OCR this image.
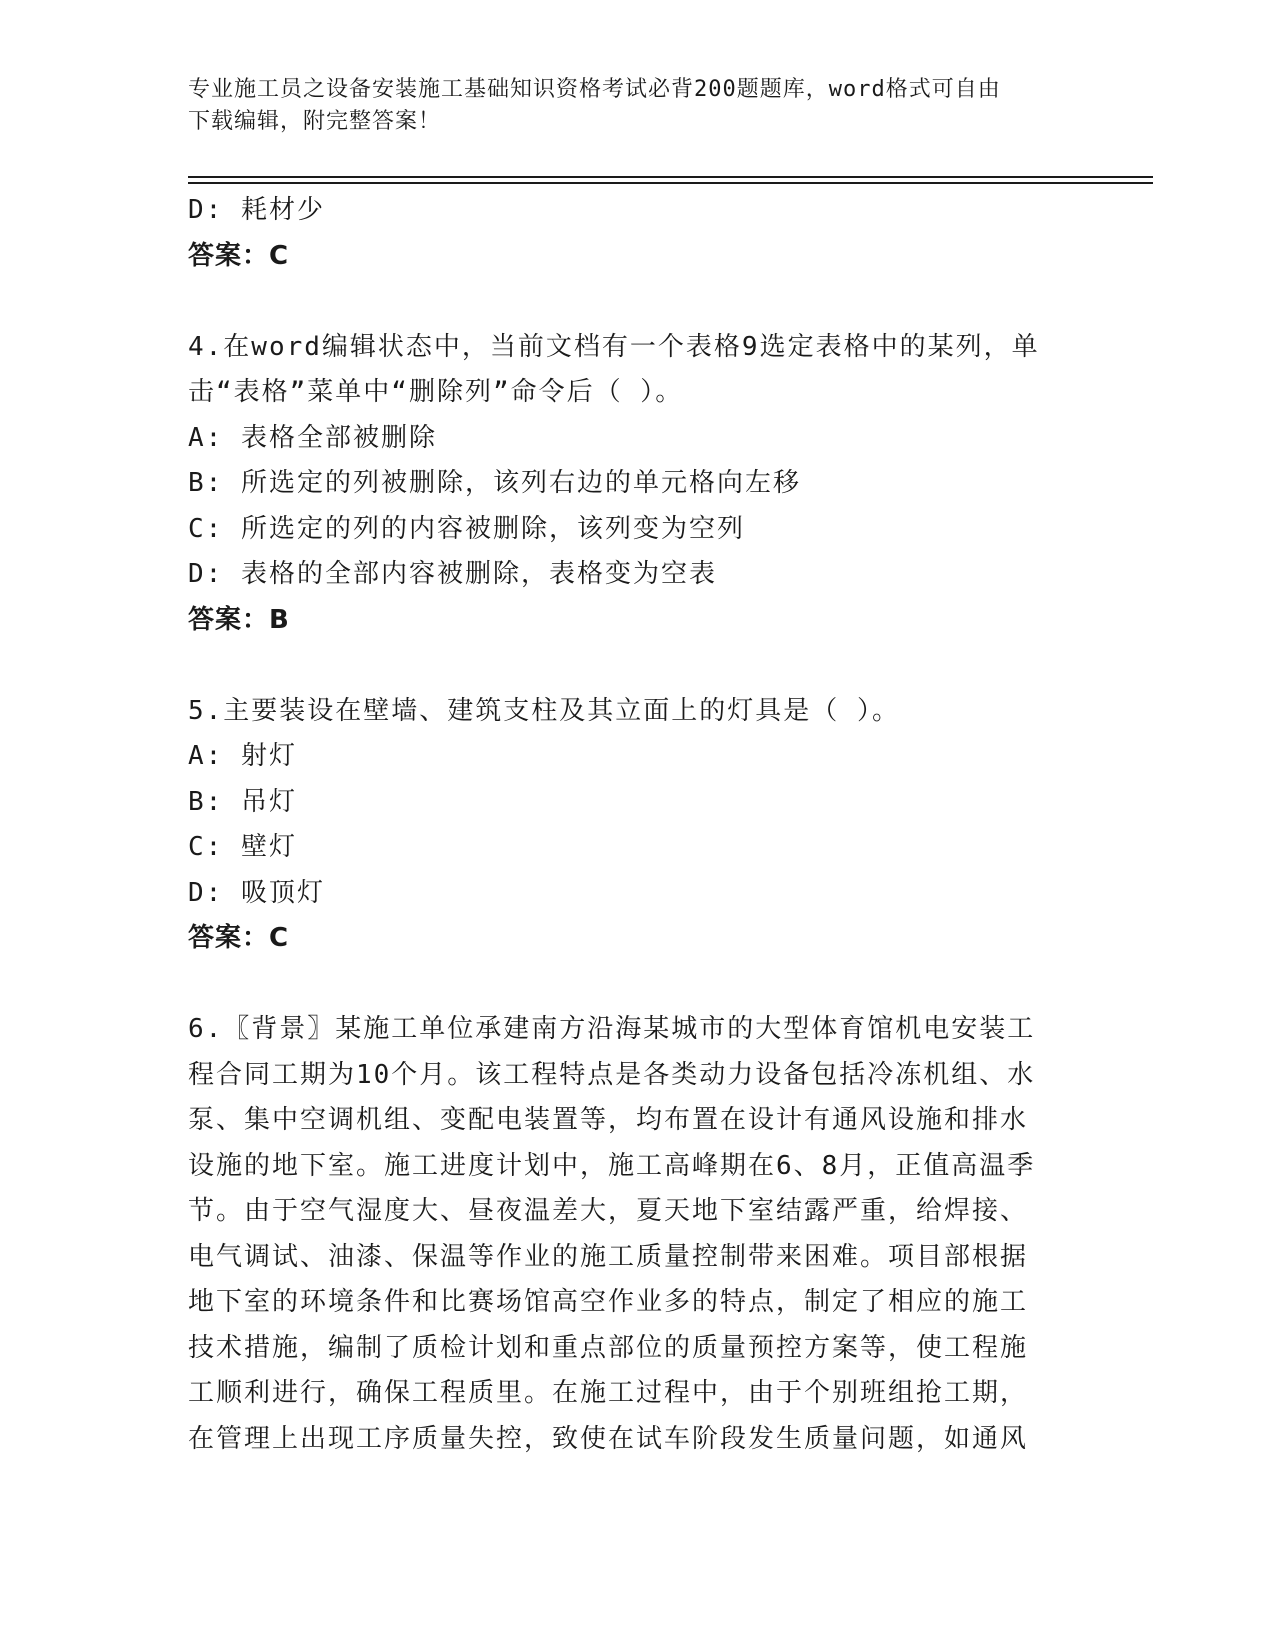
专业施工员之设备安装施工基础知识资格考试必背200题题库，word格式可自由
下载编辑，附完整答案！
D: 耗材少
答案：C
4.在word编辑状态中，当前文档有一个表格9选定表格中的某列，单
击“表格”菜单中“删除列”命令后（ ）。
A: 表格全部被删除
B: 所选定的列被删除，该列右边的单元格向左移
C: 所选定的列的内容被删除，该列变为空列
D: 表格的全部内容被删除，表格变为空表
答案：B
5.主要装设在壁墙、建筑支柱及其立面上的灯具是（ ）。
A: 射灯
B: 吊灯
C: 壁灯
D: 吸顶灯
答案：C
6.〖背景〗某施工单位承建南方沿海某城市的大型体育馆机电安装工
程合同工期为10个月。该工程特点是各类动力设备包括冷冻机组、水
泵、集中空调机组、变配电装置等，均布置在设计有通风设施和排水
设施的地下室。施工进度计划中，施工高峰期在6、8月，正值高温季
节。由于空气湿度大、昼夜温差大，夏天地下室结露严重，给焊接、
电气调试、油漆、保温等作业的施工质量控制带来困难。项目部根据
地下室的环境条件和比赛场馆高空作业多的特点，制定了相应的施工
技术措施，编制了质检计划和重点部位的质量预控方案等，使工程施
工顺利进行，确保工程质里。在施工过程中，由于个别班组抢工期，
在管理上出现工序质量失控，致使在试车阶段发生质量问题，如通风
